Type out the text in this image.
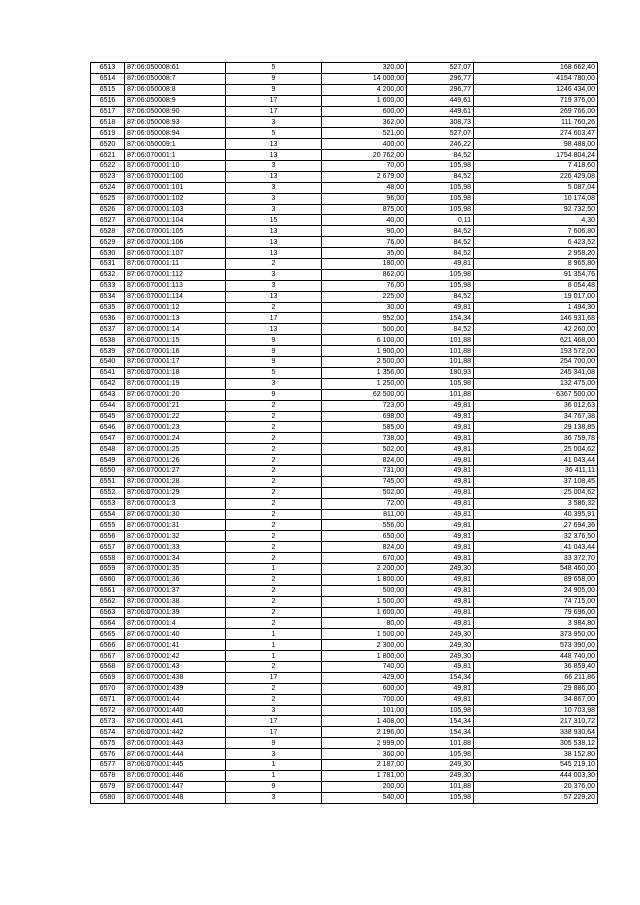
6513	87:06:050008:61	5	320,00	527,07	168 662,40
6514	87:06:050008:7	9	14 000,00	296,77	4154 780,00
6515	87:06:050008:8	9	4 200,00	296,77	1246 434,00
6516	87:06:050008:9	17	1 600,00	449,61	719 376,00
6517	87:06:050008:90	17	600,00	449,61	269 766,00
6518	87:06:050008:93	3	362,00	308,73	111 760,26
6519	87:06:050008:94	5	521,00	527,07	274 603,47
6520	87:06:050009:1	13	400,00	246,22	98 488,00
6521	87:06:070001:1	13	20 762,00	84,52	1754 804,24
6522	87:06:070001:10	3	70,00	105,98	7 418,60
6523	87:06:070001:100	13	2 679,00	84,52	226 429,08
6524	87:06:070001:101	3	48,00	105,98	5 087,04
6525	87:06:070001:102	3	96,00	105,98	10 174,08
6526	87:06:070001:103	3	875,00	105,98	92 732,50
6527	87:06:070001:104	15	40,00	0,11	4,30
6528	87:06:070001:105	13	90,00	84,52	7 606,80
6529	87:06:070001:106	13	76,00	84,52	6 423,52
6530	87:06:070001:107	13	35,00	84,52	2 958,20
6531	87:06:070001:11	2	180,00	49,81	8 965,80
6532	87:06:070001:112	3	862,00	105,98	91 354,76
6533	87:06:070001:113	3	76,00	105,98	8 054,48
6534	87:06:070001:114	13	225,00	84,52	19 017,00
6535	87:06:070001:12	2	30,00	49,81	1 494,30
6536	87:06:070001:13	17	952,00	154,34	146 931,68
6537	87:06:070001:14	13	500,00	84,52	42 260,00
6538	87:06:070001:15	9	6 100,00	101,88	621 468,00
6539	87:06:070001:16	9	1 900,00	101,88	193 572,00
6540	87:06:070001:17	9	2 500,00	101,88	254 700,00
6541	87:06:070001:18	5	1 356,00	180,93	245 341,08
6542	87:06:070001:19	3	1 250,00	105,98	132 475,00
6543	87:06:070001:20	9	62 500,00	101,88	6367 500,00
6544	87:06:070001:21	2	723,00	49,81	36 012,63
6545	87:06:070001:22	2	698,00	49,81	34 767,38
6546	87:06:070001:23	2	585,00	49,81	29 138,85
6547	87:06:070001:24	2	738,00	49,81	36 759,78
6548	87:06:070001:25	2	502,00	49,81	25 004,62
6549	87:06:070001:26	2	824,00	49,81	41 043,44
6550	87:06:070001:27	2	731,00	49,81	36 411,11
6551	87:06:070001:28	2	745,00	49,81	37 108,45
6552	87:06:070001:29	2	502,00	49,81	25 004,62
6553	87:06:070001:3	2	72,00	49,81	3 586,32
6554	87:06:070001:30	2	811,00	49,81	40 395,91
6555	87:06:070001:31	2	556,00	49,81	27 694,36
6556	87:06:070001:32	2	650,00	49,81	32 376,50
6557	87:06:070001:33	2	824,00	49,81	41 043,44
6558	87:06:070001:34	2	670,00	49,81	33 372,70
6559	87:06:070001:35	1	2 200,00	249,30	548 460,00
6560	87:06:070001:36	2	1 800,00	49,81	89 658,00
6561	87:06:070001:37	2	500,00	49,81	24 905,00
6562	87:06:070001:38	2	1 500,00	49,81	74 715,00
6563	87:06:070001:39	2	1 600,00	49,81	79 696,00
6564	87:06:070001:4	2	80,00	49,81	3 984,80
6565	87:06:070001:40	1	1 500,00	249,30	373 950,00
6566	87:06:070001:41	1	2 300,00	249,30	573 390,00
6567	87:06:070001:42	1	1 800,00	249,30	448 740,00
6568	87:06:070001:43	2	740,00	49,81	36 859,40
6569	87:06:070001:438	17	429,00	154,34	66 211,86
6570	87:06:070001:439	2	600,00	49,81	29 886,00
6571	87:06:070001:44	2	700,00	49,81	34 867,00
6572	87:06:070001:440	3	101,00	105,98	10 703,98
6573	87:06:070001:441	17	1 408,00	154,34	217 310,72
6574	87:06:070001:442	17	2 196,00	154,34	338 930,64
6575	87:06:070001:443	9	2 999,00	101,88	305 538,12
6576	87:06:070001:444	3	360,00	105,98	38 152,80
6577	87:06:070001:445	1	2 187,00	249,30	545 219,10
6578	87:06:070001:446	1	1 781,00	249,30	444 003,30
6579	87:06:070001:447	9	200,00	101,88	20 376,00
6580	87:06:070001:448	3	540,00	105,98	57 229,20
